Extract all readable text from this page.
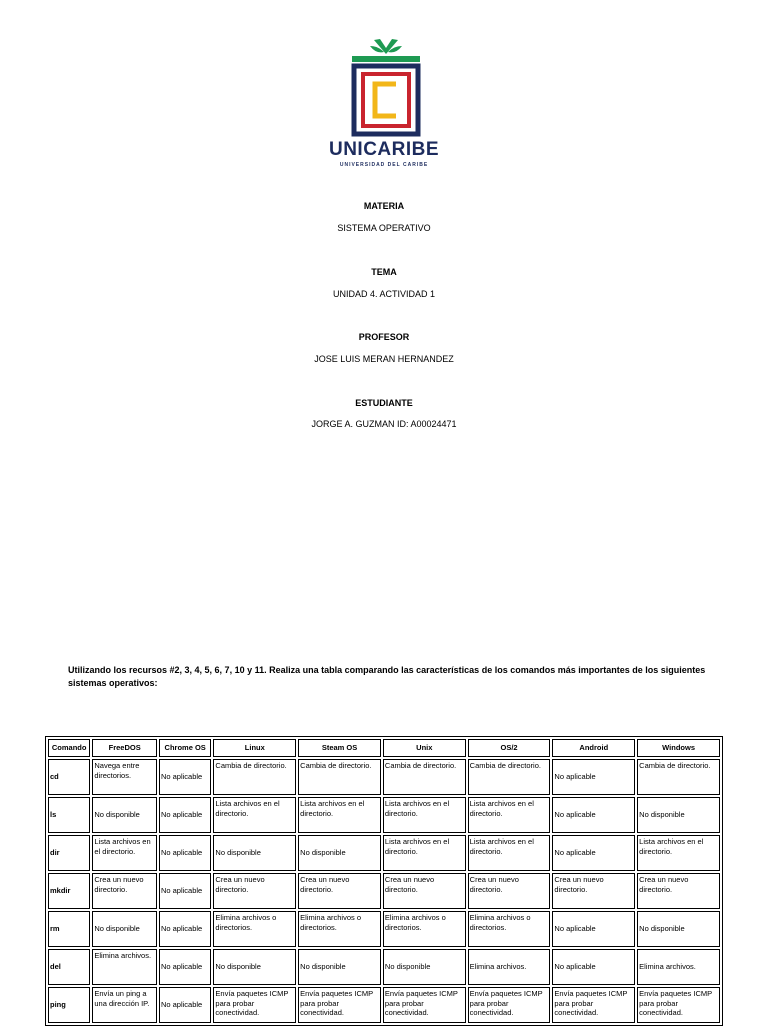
UNICARIBE
UNIVERSIDAD DEL CARIBE
MATERIA
SISTEMA OPERATIVO
TEMA
UNIDAD 4. ACTIVIDAD 1
PROFESOR
JOSE LUIS MERAN HERNANDEZ
ESTUDIANTE
JORGE A. GUZMAN ID: A00024471
Utilizando los recursos #2, 3, 4, 5, 6, 7, 10 y 11. Realiza una tabla comparando las características de los comandos más importantes de los siguientes sistemas operativos:
Comando	FreeDOS	Chrome OS	Linux	Steam OS	Unix	OS/2	Android	Windows
cd	Navega entre directorios.	No aplicable	Cambia de directorio.	Cambia de directorio.	Cambia de directorio.	Cambia de directorio.	No aplicable	Cambia de directorio.
ls	No disponible	No aplicable	Lista archivos en el directorio.	Lista archivos en el directorio.	Lista archivos en el directorio.	Lista archivos en el directorio.	No aplicable	No disponible
dir	Lista archivos en el directorio.	No aplicable	No disponible	No disponible	Lista archivos en el directorio.	Lista archivos en el directorio.	No aplicable	Lista archivos en el directorio.
mkdir	Crea un nuevo directorio.	No aplicable	Crea un nuevo directorio.	Crea un nuevo directorio.	Crea un nuevo directorio.	Crea un nuevo directorio.	Crea un nuevo directorio.	Crea un nuevo directorio.
rm	No disponible	No aplicable	Elimina archivos o directorios.	Elimina archivos o directorios.	Elimina archivos o directorios.	Elimina archivos o directorios.	No aplicable	No disponible
del	Elimina archivos.	No aplicable	No disponible	No disponible	No disponible	Elimina archivos.	No aplicable	Elimina archivos.
ping	Envía un ping a una dirección IP.	No aplicable	Envía paquetes ICMP para probar conectividad.	Envía paquetes ICMP para probar conectividad.	Envía paquetes ICMP para probar conectividad.	Envía paquetes ICMP para probar conectividad.	Envía paquetes ICMP para probar conectividad.	Envía paquetes ICMP para probar conectividad.
